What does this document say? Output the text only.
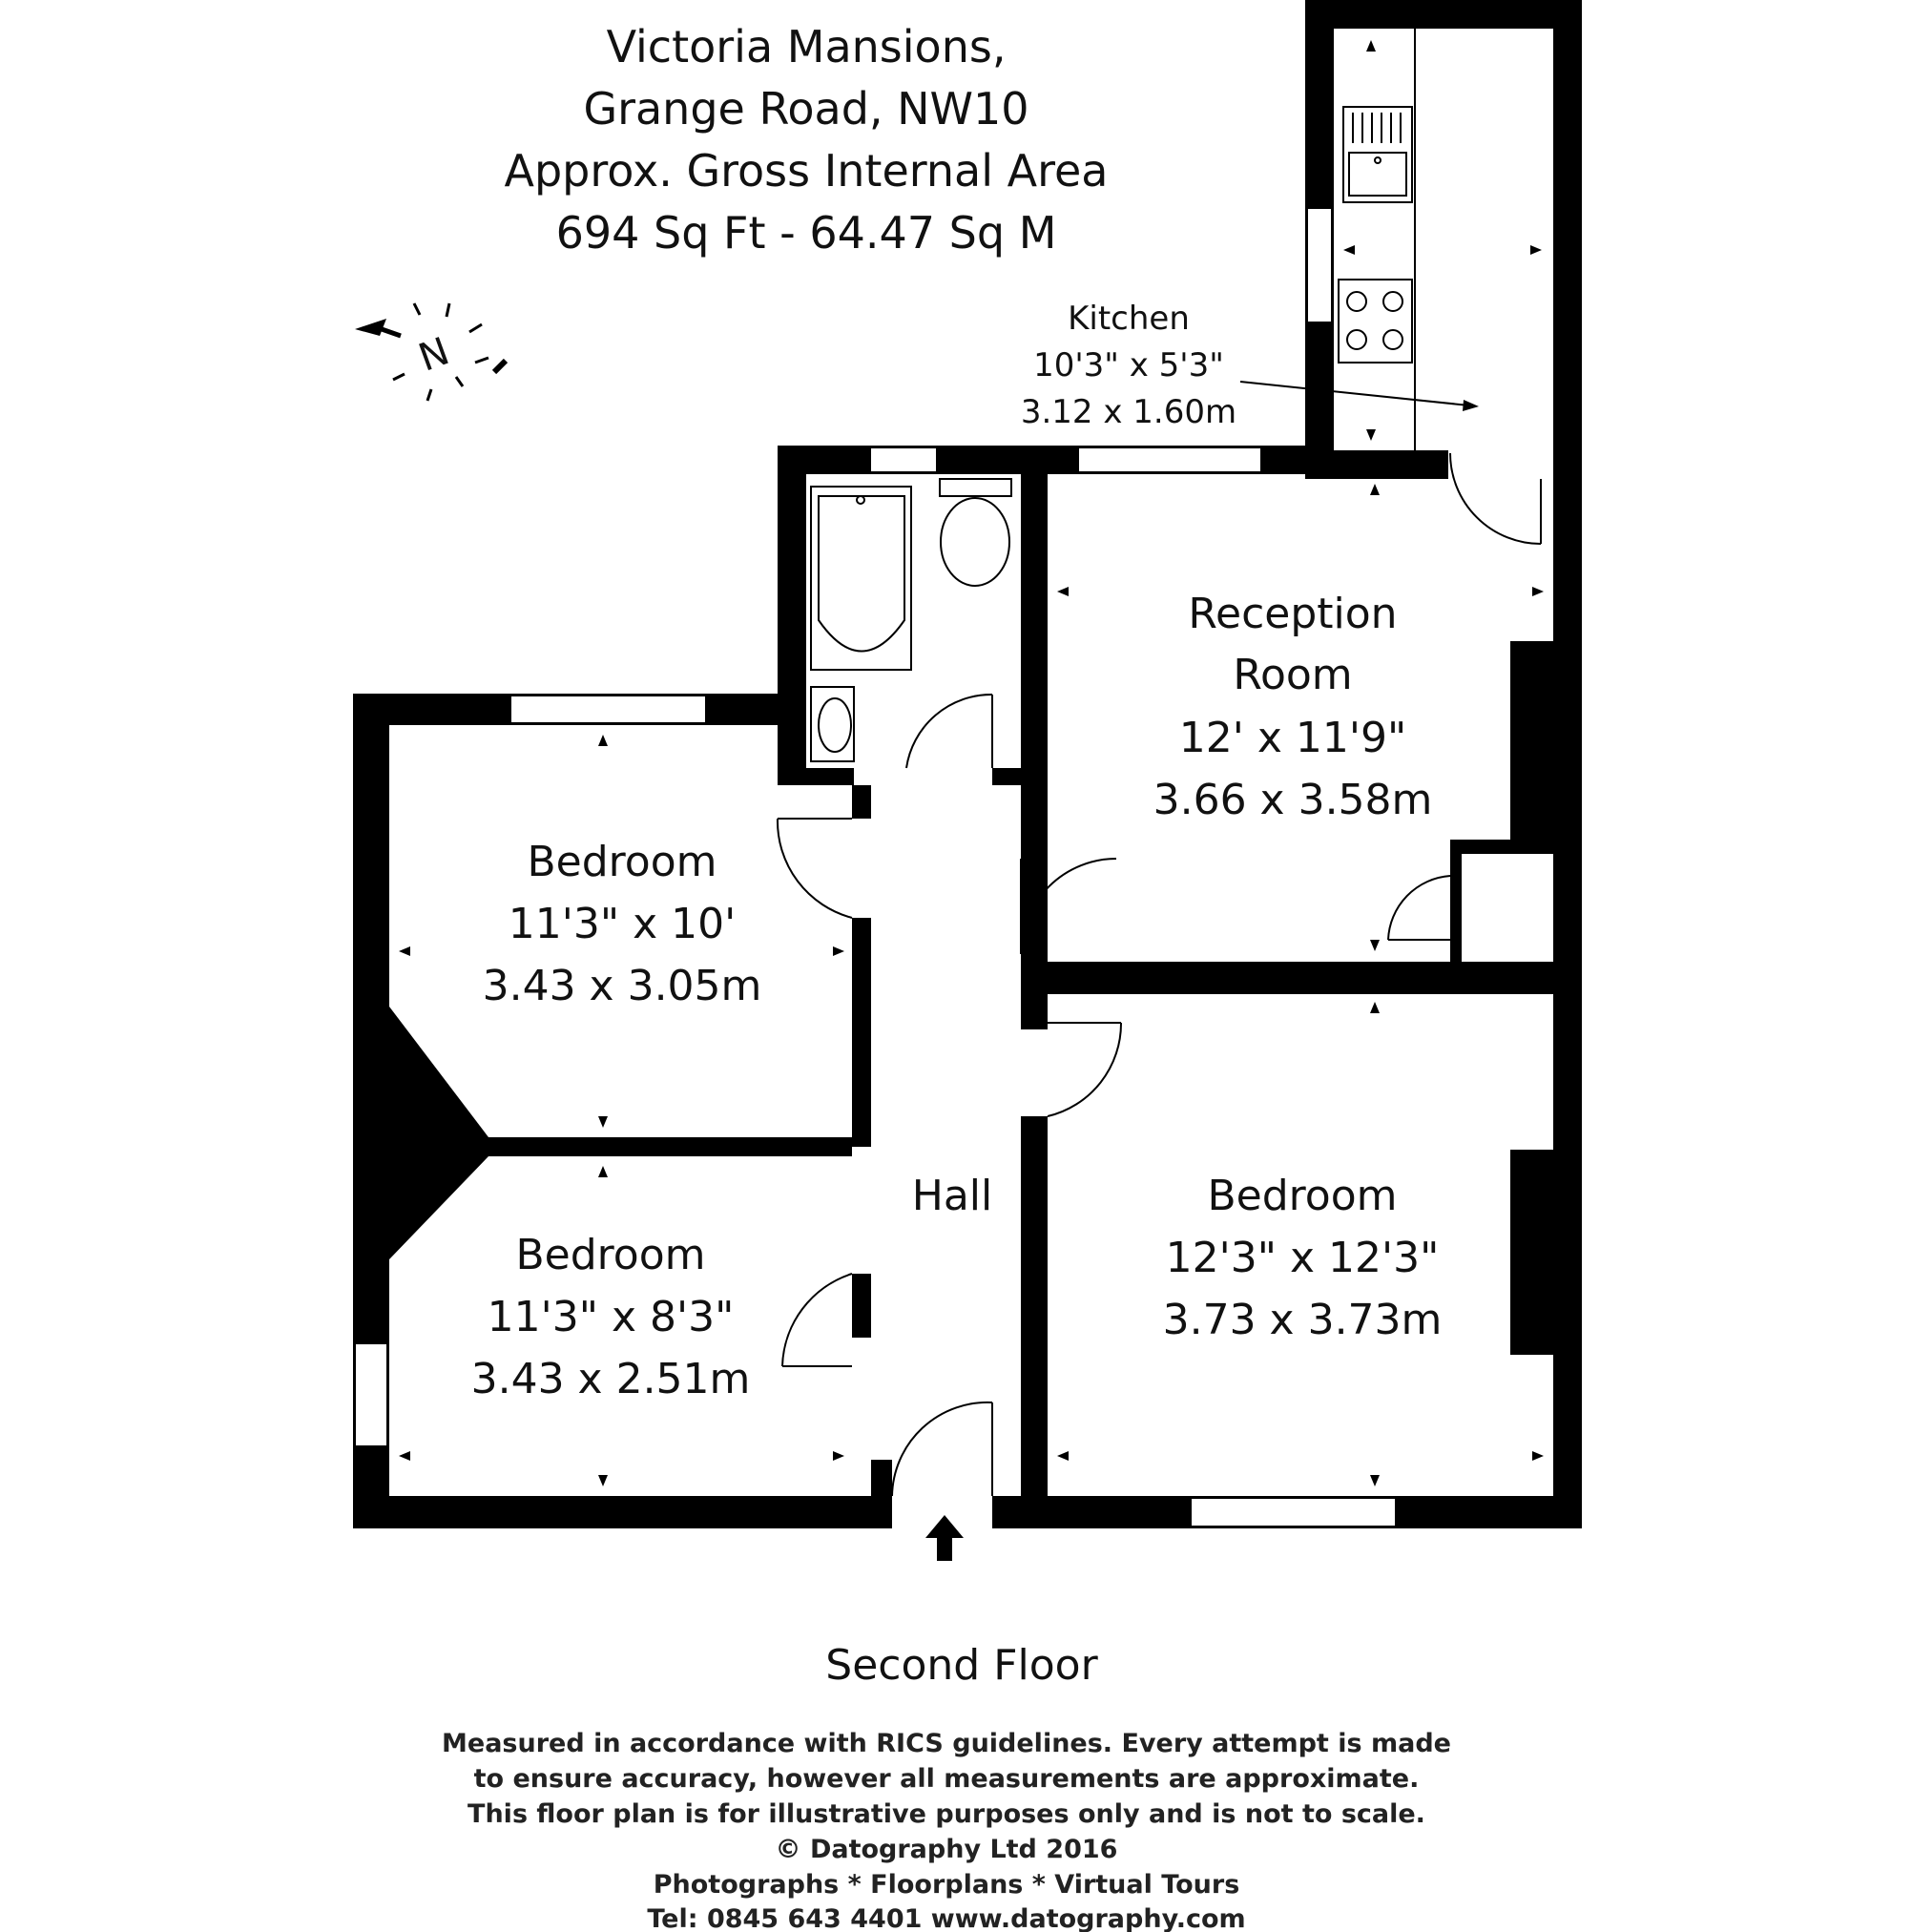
Victoria Mansions,
Grange Road, NW10
Approx. Gross Internal Area
694 Sq Ft - 64.47 Sq M
N
Kitchen
10'3" x 5'3"
3.12 x 1.60m
Reception
Room
12' x 11'9"
3.66 x 3.58m
Bedroom
11'3" x 10'
3.43 x 3.05m
Bedroom
11'3" x 8'3"
3.43 x 2.51m
Hall	Bedroom
12'3" x 12'3"
3.73 x 3.73m
Second Floor
Measured in accordance with RICS guidelines. Every attempt is made
to ensure accuracy, however all measurements are approximate.
This floor plan is for illustrative purposes only and is not to scale.
© Datography Ltd 2016
Photographs * Floorplans * Virtual Tours
Tel: 0845 643 4401 www.datography.com
